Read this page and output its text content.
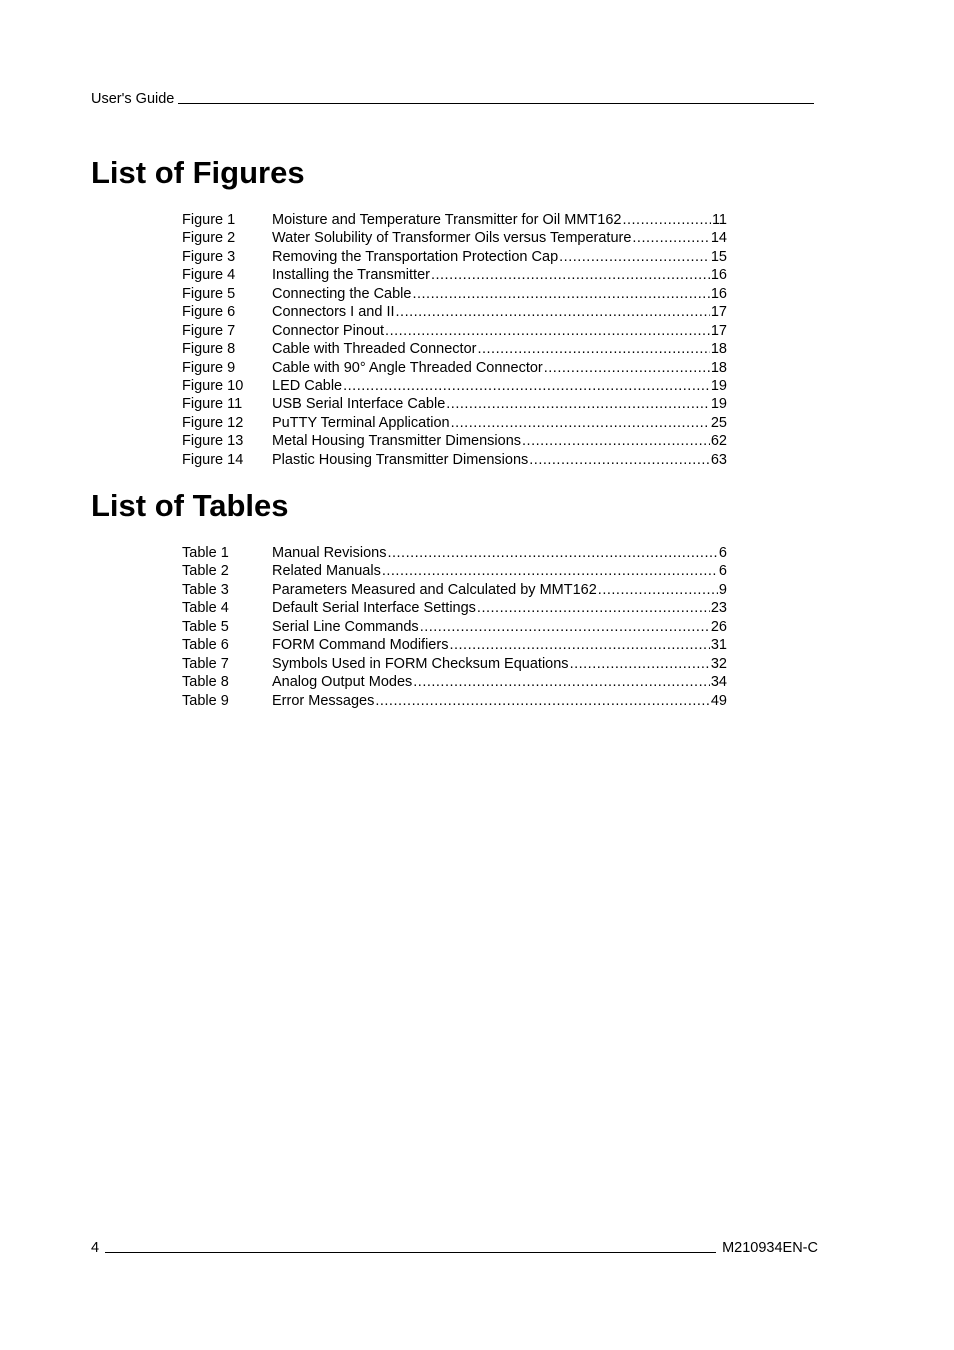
User's Guide
List of Figures
Figure 1	Moisture and Temperature Transmitter for Oil MMT162 .....	11
Figure 2	Water Solubility of Transformer Oils versus Temperature .....	14
Figure 3	Removing the Transportation Protection Cap .....	15
Figure 4	Installing the Transmitter .....	16
Figure 5	Connecting the Cable .....	16
Figure 6	Connectors I and II .....	17
Figure 7	Connector Pinout .....	17
Figure 8	Cable with Threaded Connector .....	18
Figure 9	Cable with 90° Angle Threaded Connector .....	18
Figure 10	LED Cable .....	19
Figure 11	USB Serial Interface Cable .....	19
Figure 12	PuTTY Terminal Application .....	25
Figure 13	Metal Housing Transmitter Dimensions .....	62
Figure 14	Plastic Housing Transmitter Dimensions .....	63
List of Tables
Table 1	Manual Revisions .....	6
Table 2	Related Manuals .....	6
Table 3	Parameters Measured and Calculated by MMT162 .....	9
Table 4	Default Serial Interface Settings .....	23
Table 5	Serial Line Commands .....	26
Table 6	FORM Command Modifiers .....	31
Table 7	Symbols Used in FORM Checksum Equations .....	32
Table 8	Analog Output Modes .....	34
Table 9	Error Messages .....	49
4	M210934EN-C
